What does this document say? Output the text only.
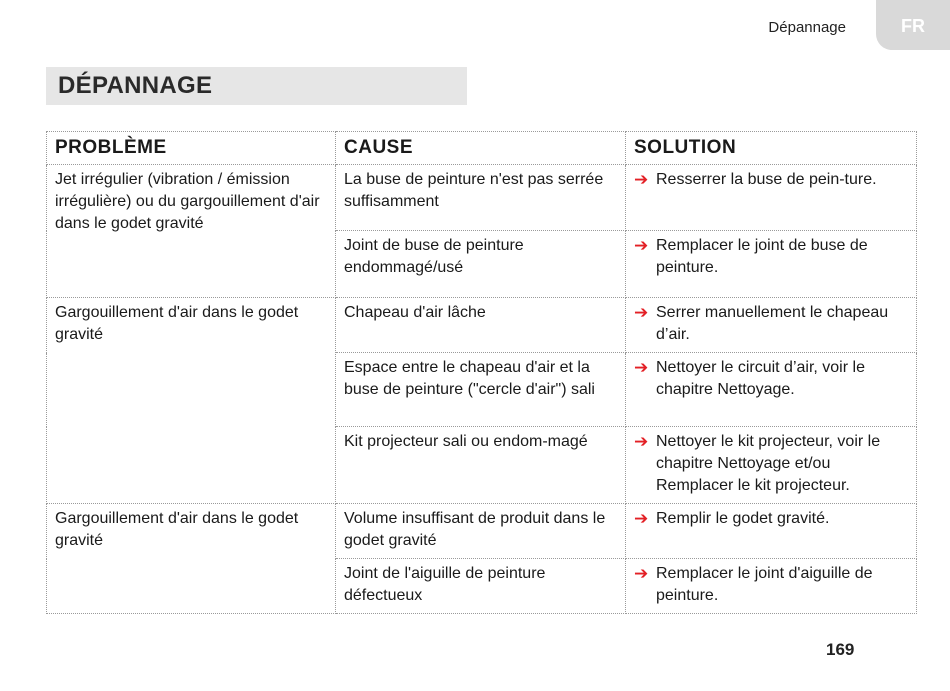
Dépannage	FR
DÉPANNAGE
PROBLÈME	CAUSE	SOLUTION
Jet irrégulier (vibration / émission irrégulière) ou du gargouillement d'air dans le godet gravité	La buse de peinture n'est pas serrée suffisamment	➔ Resserrer la buse de pein-ture.

	Joint de buse de peinture endommagé/usé	➔ Remplacer le joint de buse de peinture.

Gargouillement d'air dans le godet gravité	Chapeau d'air lâche	➔ Serrer manuellement le chapeau d’air.

	Espace entre le chapeau d'air et la buse de peinture ("cercle d'air") sali	➔ Nettoyer le circuit d’air, voir le chapitre Nettoyage.

	Kit projecteur sali ou endom-magé	➔ Nettoyer le kit projecteur, voir le chapitre Nettoyage et/ou Remplacer le kit projecteur.

Gargouillement d'air dans le godet gravité	Volume insuffisant de produit dans le godet gravité	➔ Remplir le godet gravité.

	Joint de l'aiguille de peinture défectueux	➔ Remplacer le joint d'aiguille de peinture.
169
